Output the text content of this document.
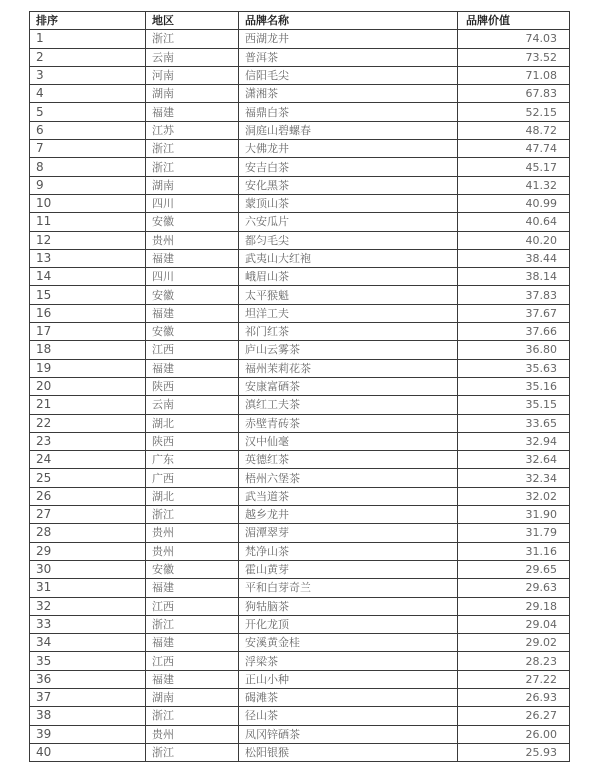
排序	地区	品牌名称	品牌价值
1	浙江	西湖龙井	74.03
2	云南	普洱茶	73.52
3	河南	信阳毛尖	71.08
4	湖南	潇湘茶	67.83
5	福建	福鼎白茶	52.15
6	江苏	洞庭山碧螺春	48.72
7	浙江	大佛龙井	47.74
8	浙江	安吉白茶	45.17
9	湖南	安化黑茶	41.32
10	四川	蒙顶山茶	40.99
11	安徽	六安瓜片	40.64
12	贵州	都匀毛尖	40.20
13	福建	武夷山大红袍	38.44
14	四川	峨眉山茶	38.14
15	安徽	太平猴魁	37.83
16	福建	坦洋工夫	37.67
17	安徽	祁门红茶	37.66
18	江西	庐山云雾茶	36.80
19	福建	福州茉莉花茶	35.63
20	陕西	安康富硒茶	35.16
21	云南	滇红工夫茶	35.15
22	湖北	赤壁青砖茶	33.65
23	陕西	汉中仙毫	32.94
24	广东	英德红茶	32.64
25	广西	梧州六堡茶	32.34
26	湖北	武当道茶	32.02
27	浙江	越乡龙井	31.90
28	贵州	湄潭翠芽	31.79
29	贵州	梵净山茶	31.16
30	安徽	霍山黄芽	29.65
31	福建	平和白芽奇兰	29.63
32	江西	狗牯脑茶	29.18
33	浙江	开化龙顶	29.04
34	福建	安溪黄金桂	29.02
35	江西	浮梁茶	28.23
36	福建	正山小种	27.22
37	湖南	碣滩茶	26.93
38	浙江	径山茶	26.27
39	贵州	凤冈锌硒茶	26.00
40	浙江	松阳银猴	25.93
